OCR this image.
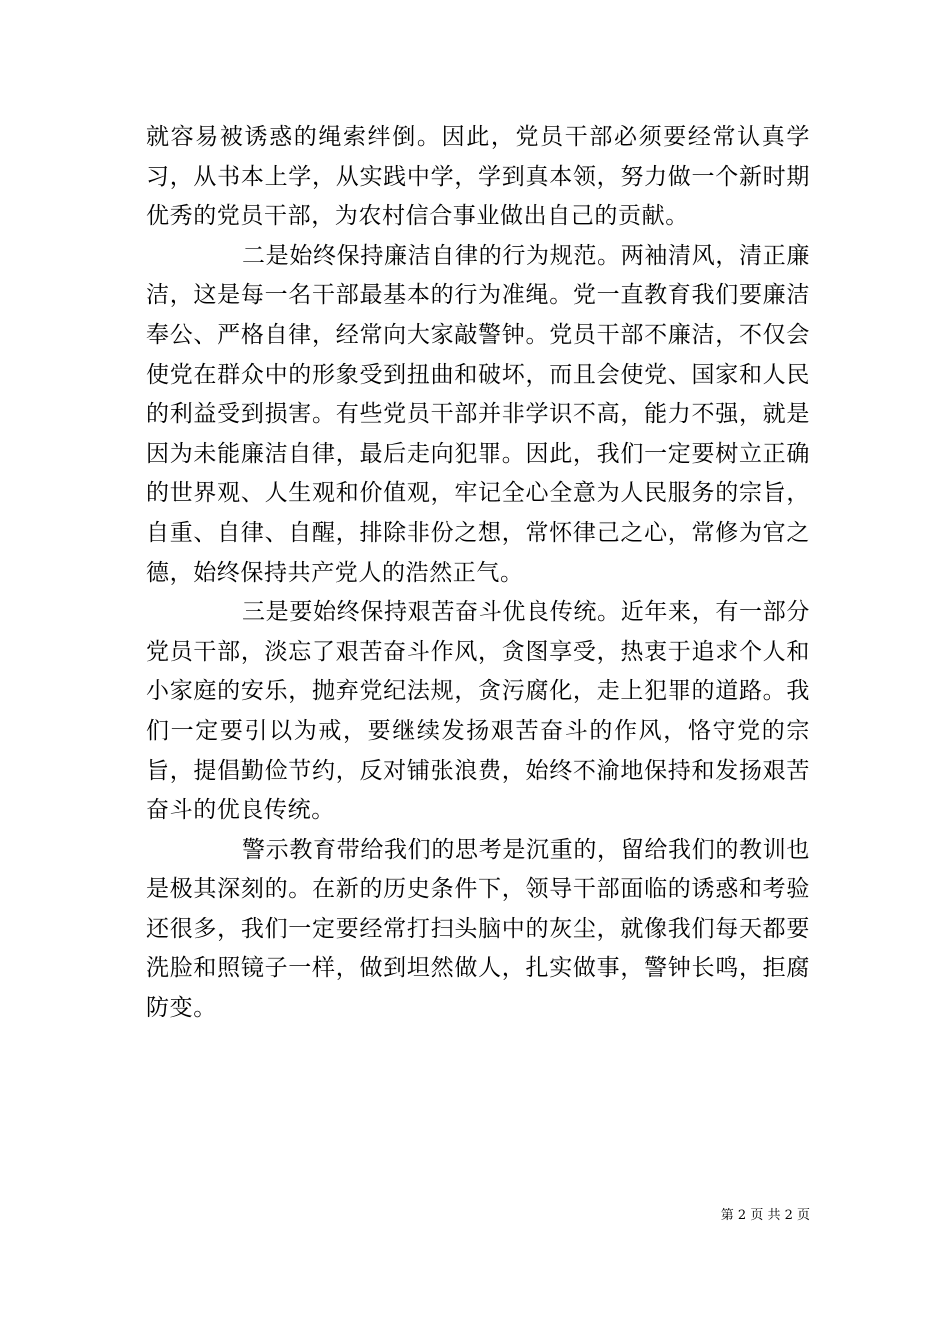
就容易被诱惑的绳索绊倒。因此，党员干部必须要经常认真学习，从书本上学，从实践中学，学到真本领，努力做一个新时期优秀的党员干部，为农村信合事业做出自己的贡献。

二是始终保持廉洁自律的行为规范。两袖清风，清正廉洁，这是每一名干部最基本的行为准绳。党一直教育我们要廉洁奉公、严格自律，经常向大家敲警钟。党员干部不廉洁，不仅会使党在群众中的形象受到扭曲和破坏，而且会使党、国家和人民的利益受到损害。有些党员干部并非学识不高，能力不强，就是因为未能廉洁自律，最后走向犯罪。因此，我们一定要树立正确的世界观、人生观和价值观，牢记全心全意为人民服务的宗旨，自重、自律、自醒，排除非份之想，常怀律己之心，常修为官之德，始终保持共产党人的浩然正气。

三是要始终保持艰苦奋斗优良传统。近年来，有一部分党员干部，淡忘了艰苦奋斗作风，贪图享受，热衷于追求个人和小家庭的安乐，抛弃党纪法规，贪污腐化，走上犯罪的道路。我们一定要引以为戒，要继续发扬艰苦奋斗的作风，恪守党的宗旨，提倡勤俭节约，反对铺张浪费，始终不渝地保持和发扬艰苦奋斗的优良传统。

警示教育带给我们的思考是沉重的，留给我们的教训也是极其深刻的。在新的历史条件下，领导干部面临的诱惑和考验还很多，我们一定要经常打扫头脑中的灰尘，就像我们每天都要洗脸和照镜子一样，做到坦然做人，扎实做事，警钟长鸣，拒腐防变。

第 2 页 共 2 页
